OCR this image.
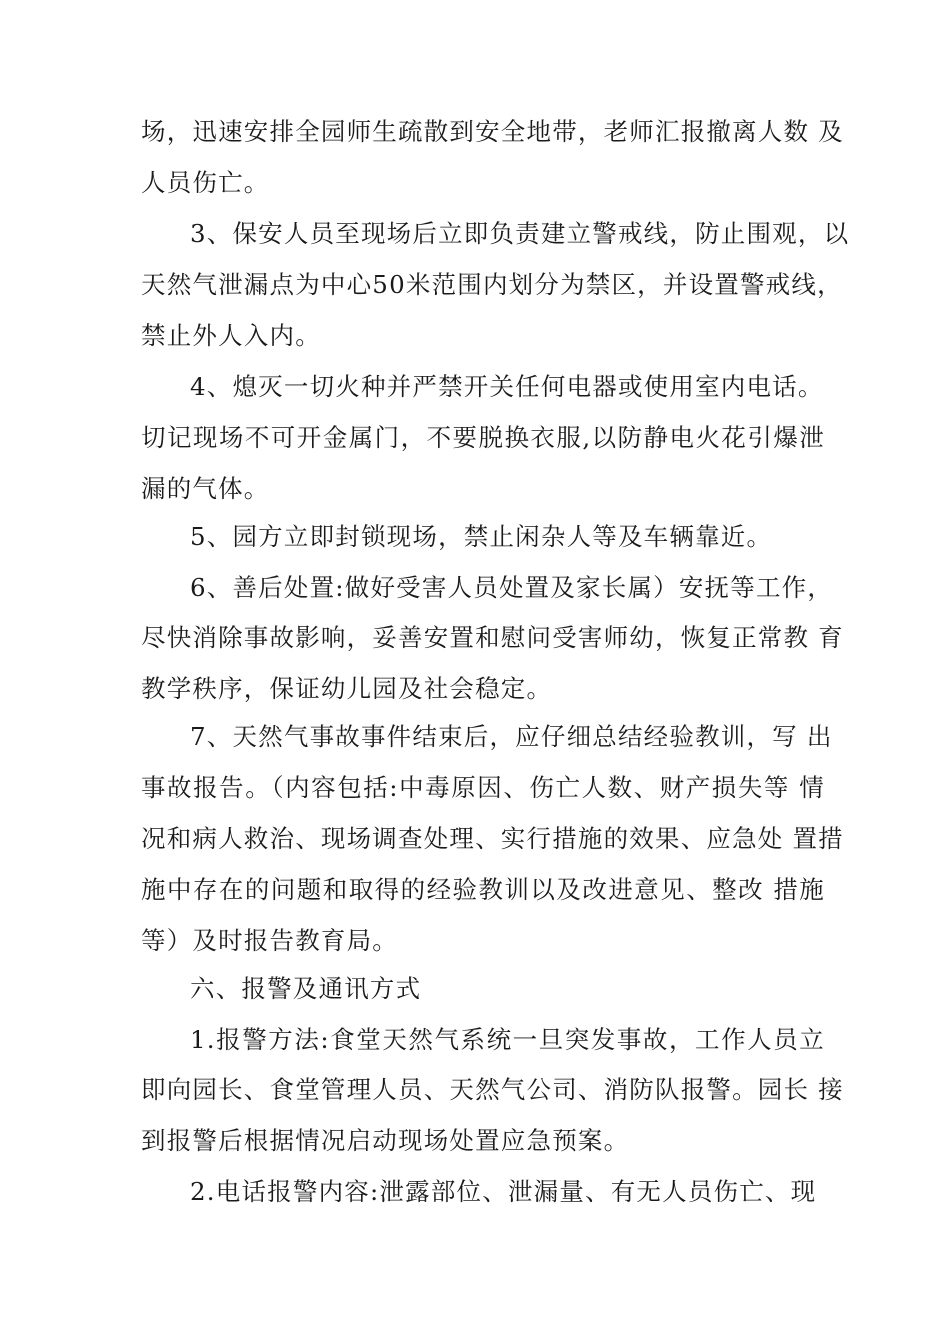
场，迅速安排全园师生疏散到安全地带，老师汇报撤离人数 及
人员伤亡。
3、保安人员至现场后立即负责建立警戒线，防止围观，以
天然气泄漏点为中心50米范围内划分为禁区，并设置警戒线，
禁止外人入内。
4、熄灭一切火种并严禁开关任何电器或使用室内电话。
切记现场不可开金属门，不要脱换衣服,以防静电火花引爆泄
漏的气体。
5、园方立即封锁现场，禁止闲杂人等及车辆靠近。
6、善后处置:做好受害人员处置及家长属）安抚等工作，
尽快消除事故影响，妥善安置和慰问受害师幼，恢复正常教 育
教学秩序，保证幼儿园及社会稳定。
7、天然气事故事件结束后，应仔细总结经验教训，写 出
事故报告。（内容包括:中毒原因、伤亡人数、财产损失等 情
况和病人救治、现场调查处理、实行措施的效果、应急处 置措
施中存在的问题和取得的经验教训以及改进意见、整改 措施
等）及时报告教育局。
六、报警及通讯方式
1.报警方法:食堂天然气系统一旦突发事故，工作人员立
即向园长、食堂管理人员、天然气公司、消防队报警。园长 接
到报警后根据情况启动现场处置应急预案。
2.电话报警内容:泄露部位、泄漏量、有无人员伤亡、现
